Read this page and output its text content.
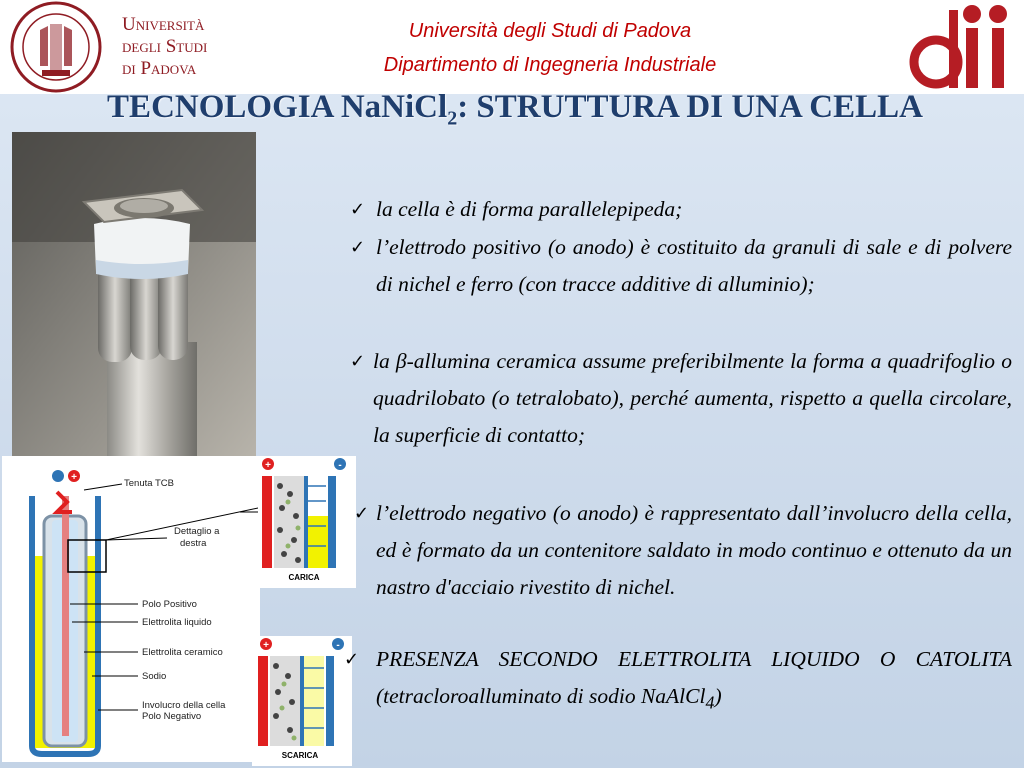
Università
degli Studi
di Padova
Università degli Studi di Padova
Dipartimento di Ingegneria Industriale
TECNOLOGIA NaNiCl$_2$: STRUTTURA DI UNA CELLA
+
Tenuta TCB
Dettaglio a
destra
Polo Positivo
Elettrolita liquido
Elettrolita ceramico
Sodio
Involucro della cella
Polo Negativo
+	-
CARICA
+	-
SCARICA
✓ la cella è di forma parallelepipeda;
✓ l’elettrodo positivo (o anodo) è costituito da granuli di sale e di polvere di nichel e ferro (con tracce additive di alluminio);
✓ la β-allumina ceramica assume preferibilmente la forma a quadrifoglio o quadrilobato (o tetralobato), perché aumenta, rispetto a quella circolare, la superficie di contatto;
✓ l’elettrodo negativo (o anodo) è rappresentato dall’involucro della cella, ed è formato da un contenitore saldato in modo continuo e ottenuto da un nastro d'acciaio rivestito di nichel.
✓ PRESENZA SECONDO ELETTROLITA LIQUIDO O CATOLITA (tetracloroalluminato di sodio NaAlCl$_4$)
